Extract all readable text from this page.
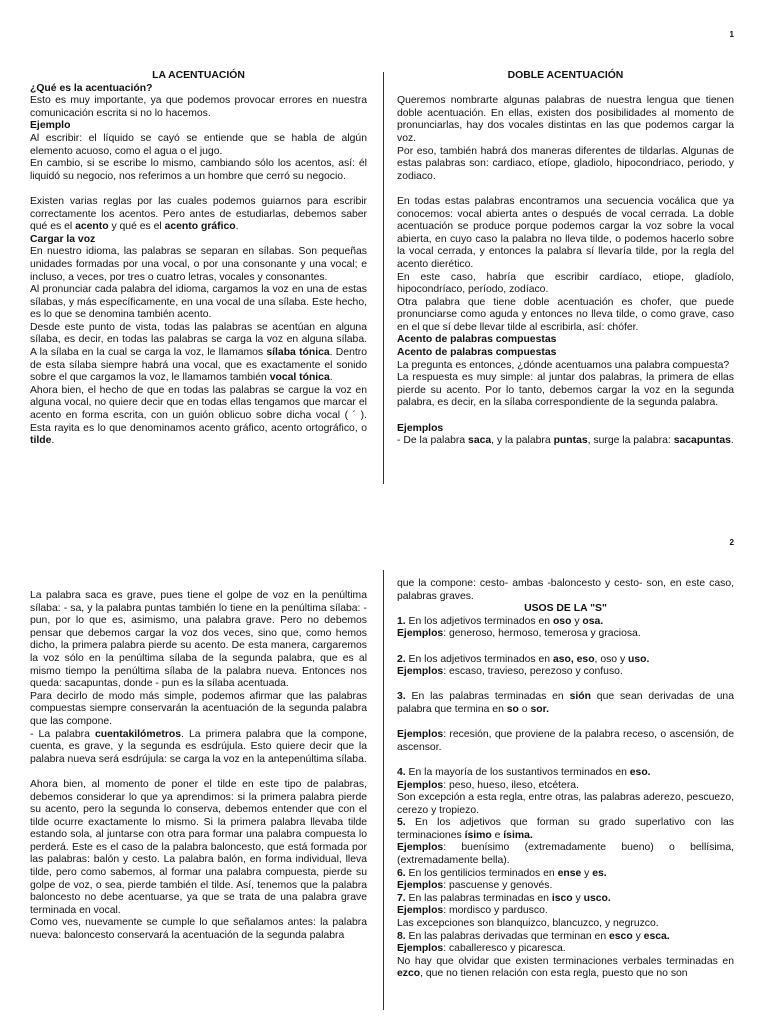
1

LA ACENTUACIÓN

¿Qué es la acentuación?

Esto es muy importante, ya que podemos provocar errores en nuestra comunicación escrita si no lo hacemos.

Ejemplo

Al escribir: el líquido se cayó se entiende que se habla de algún elemento acuoso, como el agua o el jugo.

En cambio, si se escribe lo mismo, cambiando sólo los acentos, así: él liquidó su negocio, nos referimos a un hombre que cerró su negocio.

Existen varias reglas por las cuales podemos guiarnos para escribir correctamente los acentos. Pero antes de estudiarlas, debemos saber qué es el acento y qué es el acento gráfico.

Cargar la voz

En nuestro idioma, las palabras se separan en sílabas. Son pequeñas unidades formadas por una vocal, o por una consonante y una vocal; e incluso, a veces, por tres o cuatro letras, vocales y consonantes.

Al pronunciar cada palabra del idioma, cargamos la voz en una de estas sílabas, y más específicamente, en una vocal de una sílaba. Este hecho, es lo que se denomina también acento.

Desde este punto de vista, todas las palabras se acentúan en alguna sílaba, es decir, en todas las palabras se carga la voz en alguna sílaba. A la sílaba en la cual se carga la voz, le llamamos sílaba tónica. Dentro de esta sílaba siempre habrá una vocal, que es exactamente el sonido sobre el que cargamos la voz, le llamamos también vocal tónica.

Ahora bien, el hecho de que en todas las palabras se cargue la voz en alguna vocal, no quiere decir que en todas ellas tengamos que marcar el acento en forma escrita, con un guión oblicuo sobre dicha vocal ( ´ ). Esta rayita es lo que denominamos acento gráfico, acento ortográfico, o tilde.

DOBLE ACENTUACIÓN

Queremos nombrarte algunas palabras de nuestra lengua que tienen doble acentuación. En ellas, existen dos posibilidades al momento de pronunciarlas, hay dos vocales distintas en las que podemos cargar la voz.

Por eso, también habrá dos maneras diferentes de tildarlas. Algunas de estas palabras son: cardiaco, etíope, gladiolo, hipocondriaco, periodo, y zodiaco.

En todas estas palabras encontramos una secuencia vocálica que ya conocemos: vocal abierta antes o después de vocal cerrada. La doble acentuación se produce porque podemos cargar la voz sobre la vocal abierta, en cuyo caso la palabra no lleva tilde, o podemos hacerlo sobre la vocal cerrada, y entonces la palabra sí llevaría tilde, por la regla del acento dierético.

En este caso, habría que escribir cardíaco, etiope, gladíolo, hipocondríaco, período, zodíaco.

Otra palabra que tiene doble acentuación es chofer, que puede pronunciarse como aguda y entonces no lleva tilde, o como grave, caso en el que sí debe llevar tilde al escribirla, así: chófer.

Acento de palabras compuestas

Acento de palabras compuestas

La pregunta es entonces, ¿dónde acentuamos una palabra compuesta?

La respuesta es muy simple: al juntar dos palabras, la primera de ellas pierde su acento. Por lo tanto, debemos cargar la voz en la segunda palabra, es decir, en la sílaba correspondiente de la segunda palabra.

Ejemplos

- De la palabra saca, y la palabra puntas, surge la palabra: sacapuntas.

2

La palabra saca es grave, pues tiene el golpe de voz en la penúltima sílaba: - sa, y la palabra puntas también lo tiene en la penúltima sílaba: - pun, por lo que es, asimismo, una palabra grave. Pero no debemos pensar que debemos cargar la voz dos veces, sino que, como hemos dicho, la primera palabra pierde su acento. De esta manera, cargaremos la voz sólo en la penúltima sílaba de la segunda palabra, que es al mismo tiempo la penúltima sílaba de la palabra nueva. Entonces nos queda: sacapuntas, donde - pun es la sílaba acentuada.

Para decirlo de modo más simple, podemos afirmar que las palabras compuestas siempre conservarán la acentuación de la segunda palabra que las compone.

- La palabra cuentakilómetros. La primera palabra que la compone, cuenta, es grave, y la segunda es esdrújula. Esto quiere decir que la palabra nueva será esdrújula: se carga la voz en la antepenúltima sílaba.

Ahora bien, al momento de poner el tilde en este tipo de palabras, debemos considerar lo que ya aprendimos: si la primera palabra pierde su acento, pero la segunda lo conserva, debemos entender que con el tilde ocurre exactamente lo mismo. Si la primera palabra llevaba tilde estando sola, al juntarse con otra para formar una palabra compuesta lo perderá. Este es el caso de la palabra baloncesto, que está formada por las palabras: balón y cesto. La palabra balón, en forma individual, lleva tilde, pero como sabemos, al formar una palabra compuesta, pierde su golpe de voz, o sea, pierde también el tilde. Así, tenemos que la palabra baloncesto no debe acentuarse, ya que se trata de una palabra grave terminada en vocal.

Como ves, nuevamente se cumple lo que señalamos antes: la palabra nueva: baloncesto conservará la acentuación de la segunda palabra

que la compone: cesto- ambas -baloncesto y cesto- son, en este caso, palabras graves.

USOS DE LA "S"

1. En los adjetivos terminados en oso y osa.

Ejemplos: generoso, hermoso, temerosa y graciosa.

2. En los adjetivos terminados en aso, eso, oso y uso.

Ejemplos: escaso, travieso, perezoso y confuso.

3. En las palabras terminadas en sión que sean derivadas de una palabra que termina en so o sor.

Ejemplos: recesión, que proviene de la palabra receso, o ascensión, de ascensor.

4. En la mayoría de los sustantivos terminados en eso.

Ejemplos: peso, hueso, ileso, etcétera.

Son excepción a esta regla, entre otras, las palabras aderezo, pescuezo, cerezo y tropiezo.

5. En los adjetivos que forman su grado superlativo con las terminaciones ísimo e ísima.

Ejemplos: buenísimo (extremadamente bueno) o bellísima, (extremadamente bella).

6. En los gentilicios terminados en ense y es.

Ejemplos: pascuense y genovés.

7. En las palabras terminadas en isco y usco.

Ejemplos: mordisco y pardusco.

Las excepciones son blanquizco, blancuzco, y negruzco.

8. En las palabras derivadas que terminan en esco y esca.

Ejemplos: caballeresco y picaresca.

No hay que olvidar que existen terminaciones verbales terminadas en ezco, que no tienen relación con esta regla, puesto que no son
